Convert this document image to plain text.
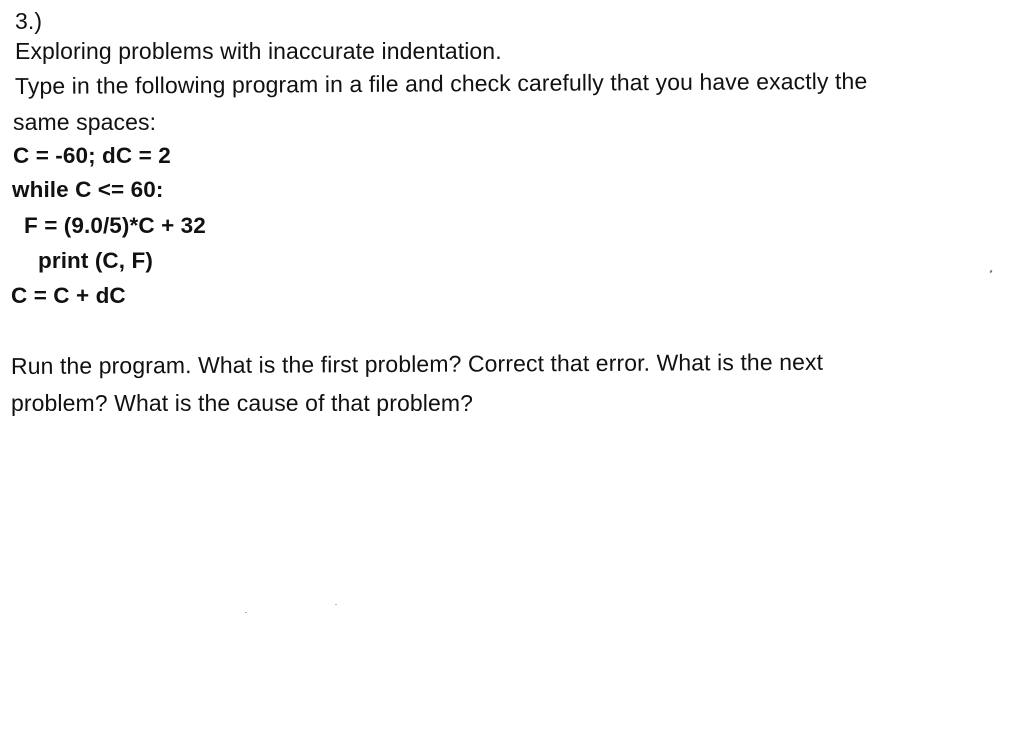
3.)
Exploring problems with inaccurate indentation.
Type in the following program in a file and check carefully that you have exactly the
same spaces:
C = -60; dC = 2
while C <= 60:
F = (9.0/5)*C + 32
print (C, F)
C = C + dC
Run the program. What is the first problem? Correct that error. What is the next
problem? What is the cause of that problem?
